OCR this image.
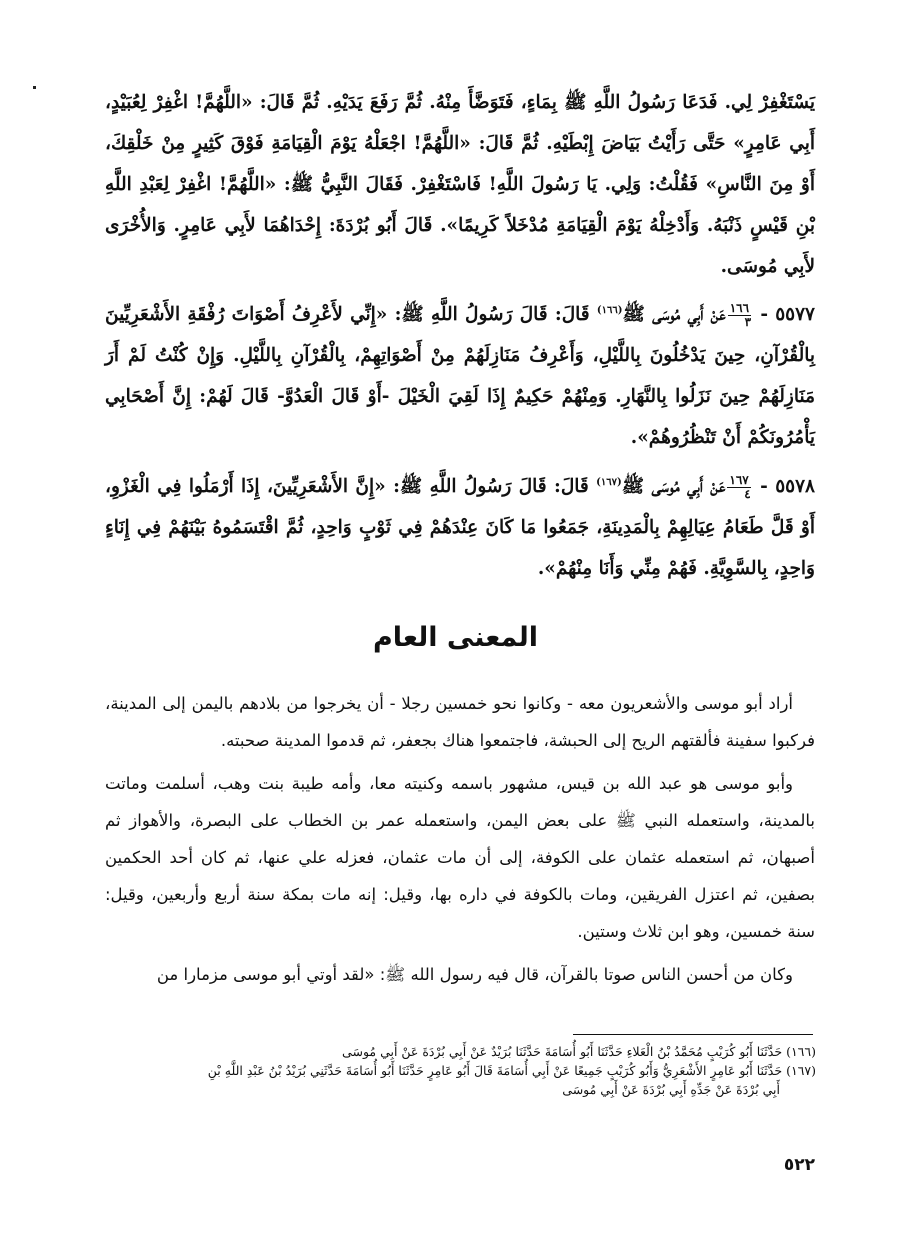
يَسْتَغْفِرْ لِي. فَدَعَا رَسُولُ اللَّهِ ﷺ بِمَاءٍ، فَتَوَضَّأَ مِنْهُ. ثُمَّ رَفَعَ يَدَيْهِ. ثُمَّ قَالَ: «اللَّهُمَّ! اغْفِرْ لِعُبَيْدٍ، أَبِي عَامِرٍ» حَتَّى رَأَيْتُ بَيَاضَ إِبْطَيْهِ. ثُمَّ قَالَ: «اللَّهُمَّ! اجْعَلْهُ يَوْمَ الْقِيَامَةِ فَوْقَ كَثِيرٍ مِنْ خَلْقِكَ، أَوْ مِنَ النَّاسِ» فَقُلْتُ: وَلِي. يَا رَسُولَ اللَّهِ! فَاسْتَغْفِرْ. فَقَالَ النَّبِيُّ ﷺ: «اللَّهُمَّ! اغْفِرْ لِعَبْدِ اللَّهِ بْنِ قَيْسٍ ذَنْبَهُ. وَأَدْخِلْهُ يَوْمَ الْقِيَامَةِ مُدْخَلاً كَرِيمًا». قَالَ أَبُو بُرْدَةَ: إِحْدَاهُمَا لأَبِي عَامِرٍ. وَالأُخْرَى لأَبِي مُوسَى.

٥٥٧٧ -
$\frac{١٦٦}{٣}$
عَنْ أَبِي مُوسَى ﷺ$^{(١٦٦)}$ قَالَ: قَالَ رَسُولُ اللَّهِ ﷺ: «إِنِّي لأَعْرِفُ أَصْوَاتَ رُفْقَةِ الأَشْعَرِيِّينَ بِالْقُرْآنِ، حِينَ يَدْخُلُونَ بِاللَّيْلِ، وَأَعْرِفُ مَنَازِلَهُمْ مِنْ أَصْوَاتِهِمْ، بِالْقُرْآنِ بِاللَّيْلِ. وَإِنْ كُنْتُ لَمْ أَرَ مَنَازِلَهُمْ حِينَ نَزَلُوا بِالنَّهَارِ. وَمِنْهُمْ حَكِيمٌ إِذَا لَقِيَ الْخَيْلَ -أَوْ قَالَ الْعَدُوَّ- قَالَ لَهُمْ: إِنَّ أَصْحَابِي يَأْمُرُونَكُمْ أَنْ تَنْظُرُوهُمْ».

٥٥٧٨ -
$\frac{١٦٧}{٤}$
عَنْ أَبِي مُوسَى ﷺ$^{(١٦٧)}$ قَالَ: قَالَ رَسُولُ اللَّهِ ﷺ: «إِنَّ الأَشْعَرِيِّينَ، إِذَا أَرْمَلُوا فِي الْغَزْوِ، أَوْ قَلَّ طَعَامُ عِيَالِهِمْ بِالْمَدِينَةِ، جَمَعُوا مَا كَانَ عِنْدَهُمْ فِي ثَوْبٍ وَاحِدٍ، ثُمَّ اقْتَسَمُوهُ بَيْنَهُمْ فِي إِنَاءٍ وَاحِدٍ، بِالسَّوِيَّةِ. فَهُمْ مِنِّي وَأَنَا مِنْهُمْ».

المعنى العام

أراد أبو موسى والأشعريون معه - وكانوا نحو خمسين رجلا - أن يخرجوا من بلادهم باليمن إلى المدينة، فركبوا سفينة فألقتهم الريح إلى الحبشة، فاجتمعوا هناك بجعفر، ثم قدموا المدينة صحبته.

وأبو موسى هو عبد الله بن قيس، مشهور باسمه وكنيته معا، وأمه طيبة بنت وهب، أسلمت وماتت بالمدينة، واستعمله النبي ﷺ على بعض اليمن، واستعمله عمر بن الخطاب على البصرة، والأهواز ثم أصبهان، ثم استعمله عثمان على الكوفة، إلى أن مات عثمان، فعزله علي عنها، ثم كان أحد الحكمين بصفين، ثم اعتزل الفريقين، ومات بالكوفة في داره بها، وقيل: إنه مات بمكة سنة أربع وأربعين، وقيل: سنة خمسين، وهو ابن ثلاث وستين.

وكان من أحسن الناس صوتا بالقرآن، قال فيه رسول الله ﷺ: «لقد أوتي أبو موسى مزمارا من

(١٦٦) حَدَّثَنَا أَبُو كُرَيْبٍ مُحَمَّدُ بْنُ الْعَلاءِ حَدَّثَنَا أَبُو أُسَامَةَ حَدَّثَنَا بُرَيْدٌ عَنْ أَبِي بُرْدَةَ عَنْ أَبِي مُوسَى

(١٦٧) حَدَّثَنَا أَبُو عَامِرٍ الأَشْعَرِيُّ وَأَبُو كُرَيْبٍ جَمِيعًا عَنْ أَبِي أُسَامَةَ قَالَ أَبُو عَامِرٍ حَدَّثَنَا أَبُو أُسَامَةَ حَدَّثَنِي بُرَيْدُ بْنُ عَبْدِ اللَّهِ بْنِ

أَبِي بُرْدَةَ عَنْ جَدِّهِ أَبِي بُرْدَةَ عَنْ أَبِي مُوسَى

٥٢٢
